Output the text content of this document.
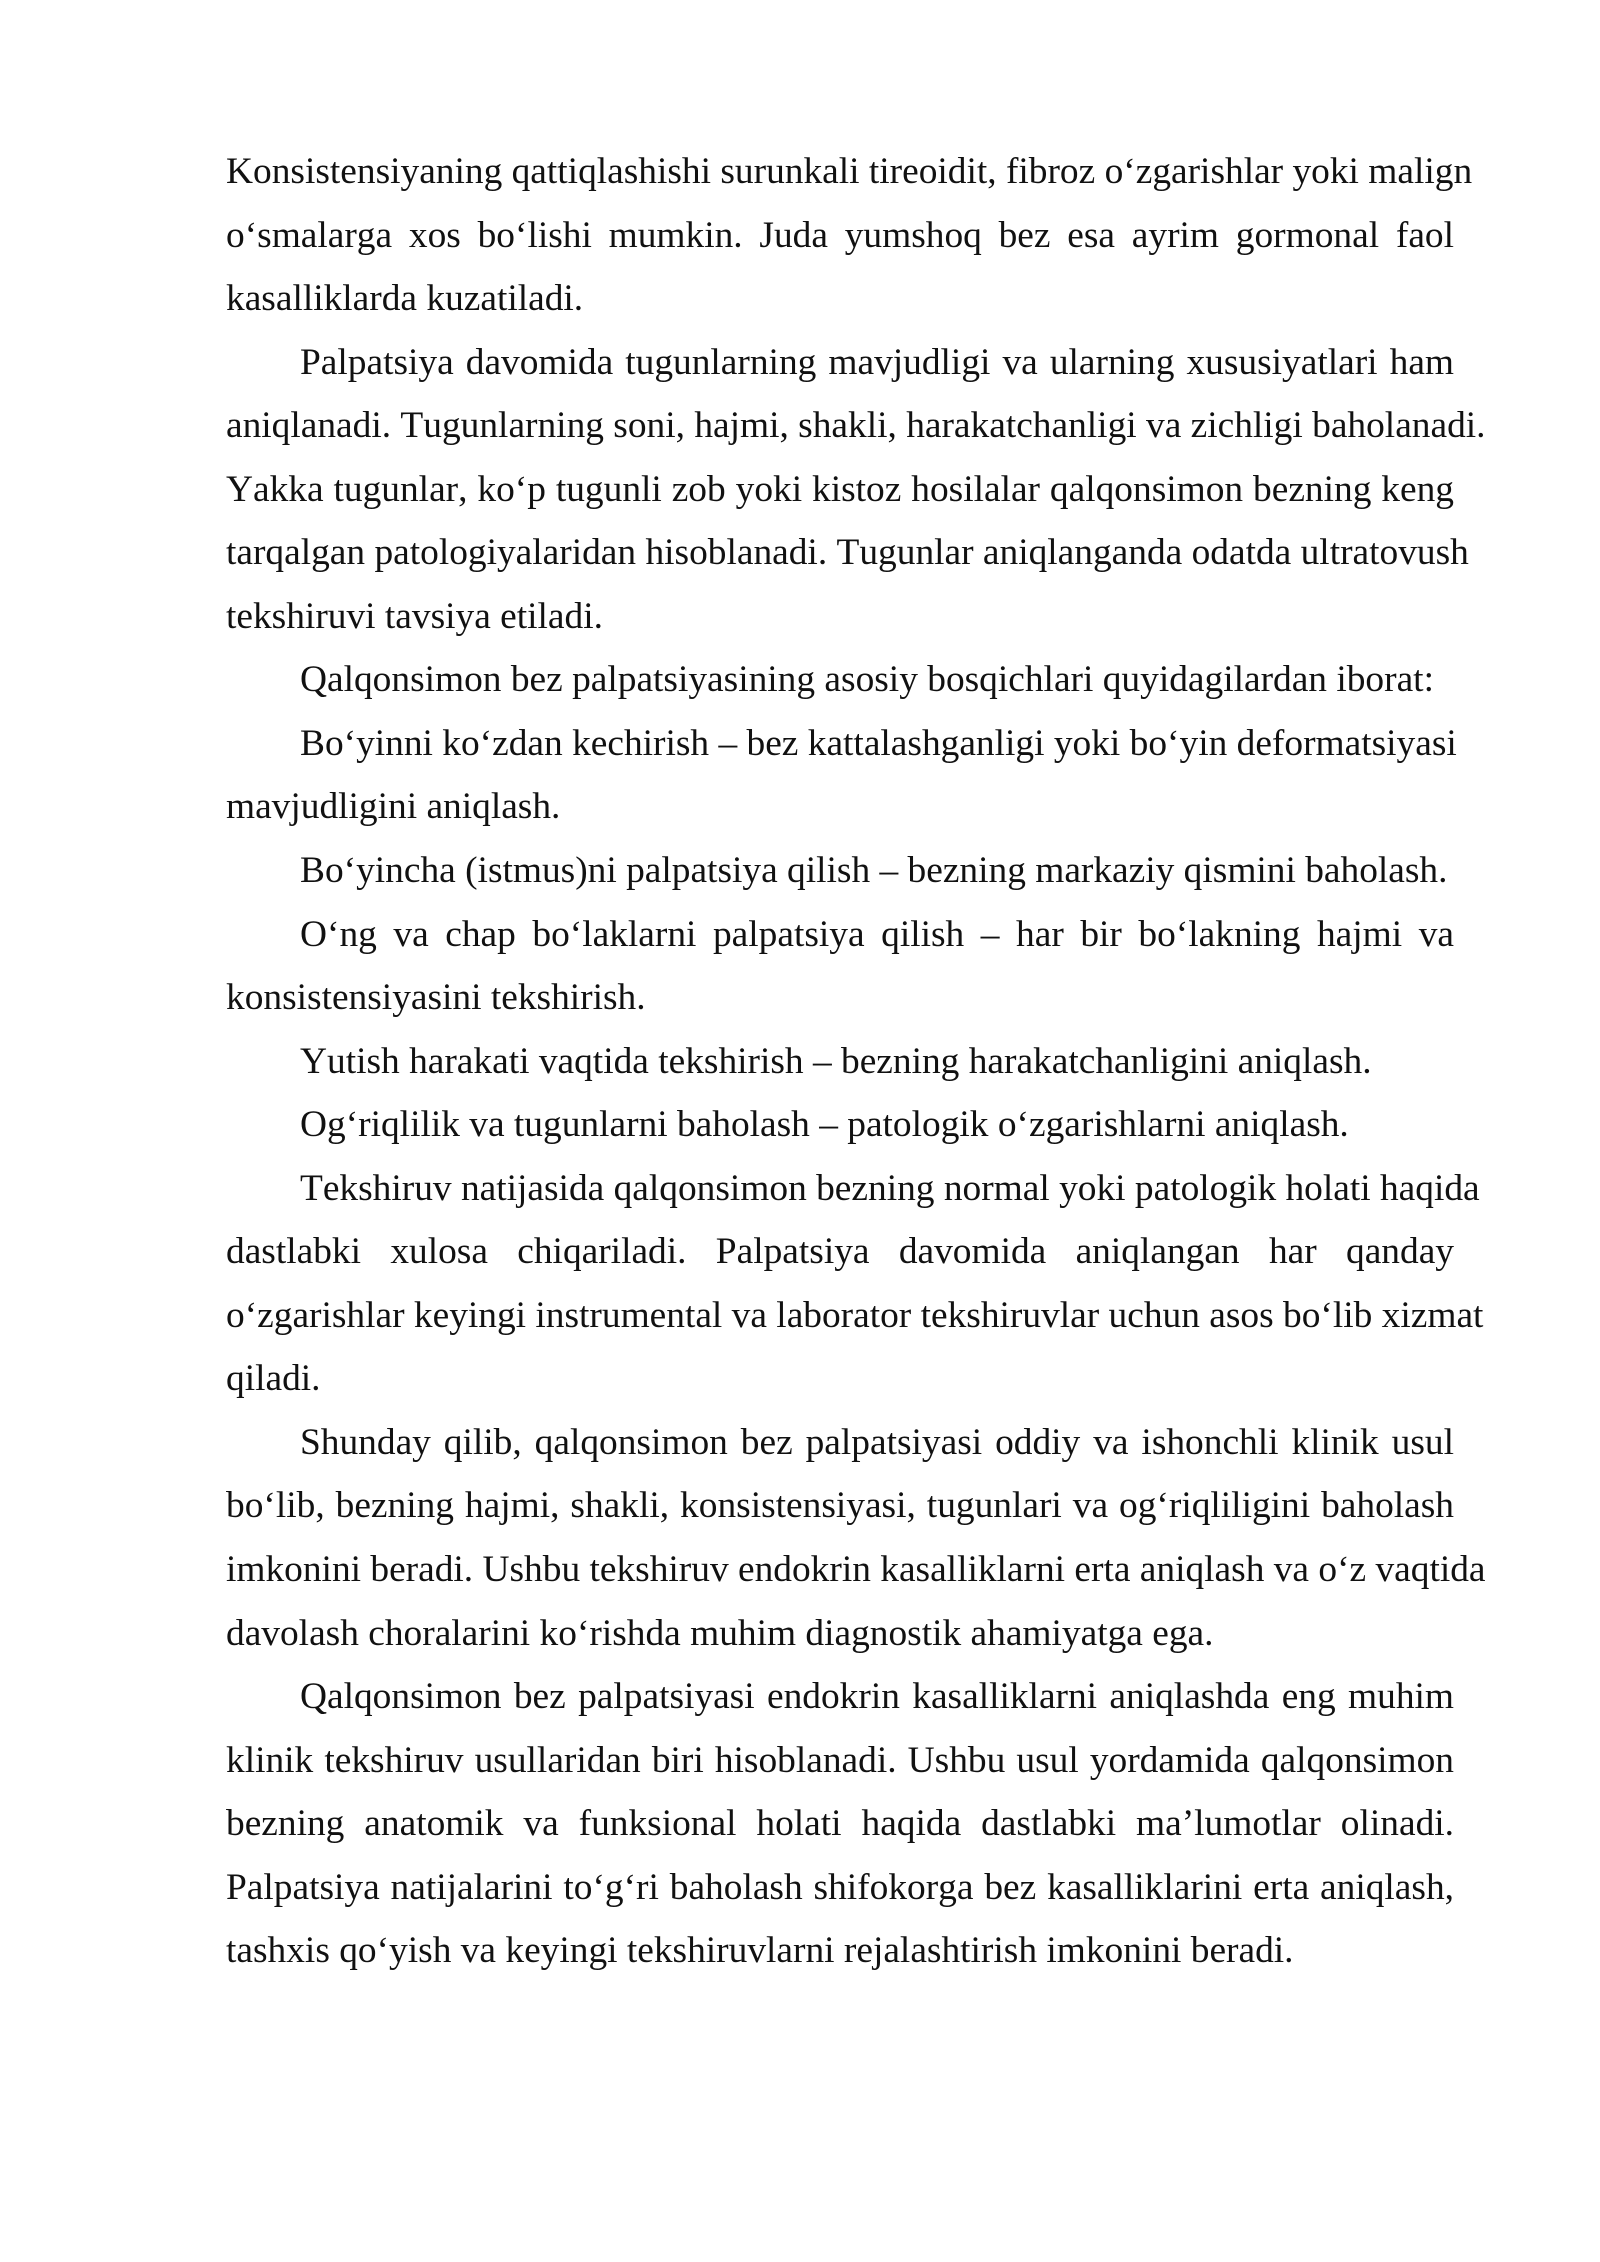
Konsistensiyaning qattiqlashishi surunkali tireoidit, fibroz o‘zgarishlar yoki malign
o‘smalarga xos bo‘lishi mumkin. Juda yumshoq bez esa ayrim gormonal faol
kasalliklarda kuzatiladi.
Palpatsiya davomida tugunlarning mavjudligi va ularning xususiyatlari ham
aniqlanadi. Tugunlarning soni, hajmi, shakli, harakatchanligi va zichligi baholanadi.
Yakka tugunlar, ko‘p tugunli zob yoki kistoz hosilalar qalqonsimon bezning keng
tarqalgan patologiyalaridan hisoblanadi. Tugunlar aniqlanganda odatda ultratovush
tekshiruvi tavsiya etiladi.
Qalqonsimon bez palpatsiyasining asosiy bosqichlari quyidagilardan iborat:
Bo‘yinni ko‘zdan kechirish – bez kattalashganligi yoki bo‘yin deformatsiyasi
mavjudligini aniqlash.
Bo‘yincha (istmus)ni palpatsiya qilish – bezning markaziy qismini baholash.
O‘ng va chap bo‘laklarni palpatsiya qilish – har bir bo‘lakning hajmi va
konsistensiyasini tekshirish.
Yutish harakati vaqtida tekshirish – bezning harakatchanligini aniqlash.
Og‘riqlilik va tugunlarni baholash – patologik o‘zgarishlarni aniqlash.
Tekshiruv natijasida qalqonsimon bezning normal yoki patologik holati haqida
dastlabki xulosa chiqariladi. Palpatsiya davomida aniqlangan har qanday
o‘zgarishlar keyingi instrumental va laborator tekshiruvlar uchun asos bo‘lib xizmat
qiladi.
Shunday qilib, qalqonsimon bez palpatsiyasi oddiy va ishonchli klinik usul
bo‘lib, bezning hajmi, shakli, konsistensiyasi, tugunlari va og‘riqliligini baholash
imkonini beradi. Ushbu tekshiruv endokrin kasalliklarni erta aniqlash va o‘z vaqtida
davolash choralarini ko‘rishda muhim diagnostik ahamiyatga ega.
Qalqonsimon bez palpatsiyasi endokrin kasalliklarni aniqlashda eng muhim
klinik tekshiruv usullaridan biri hisoblanadi. Ushbu usul yordamida qalqonsimon
bezning anatomik va funksional holati haqida dastlabki ma’lumotlar olinadi.
Palpatsiya natijalarini to‘g‘ri baholash shifokorga bez kasalliklarini erta aniqlash,
tashxis qo‘yish va keyingi tekshiruvlarni rejalashtirish imkonini beradi.
